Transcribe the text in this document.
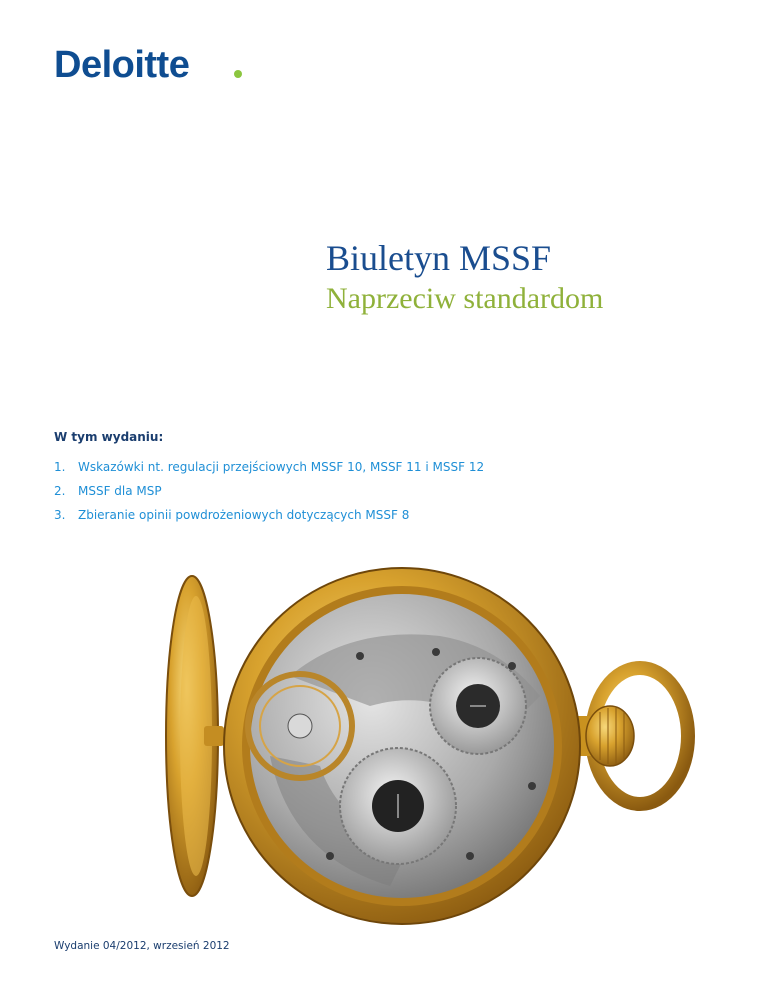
Deloitte
Biuletyn MSSF
Naprzeciw standardom
W tym wydaniu:
1. Wskazówki nt. regulacji przejściowych MSSF 10, MSSF 11 i MSSF 12
2. MSSF dla MSP
3. Zbieranie opinii powdrożeniowych dotyczących MSSF 8
Wydanie 04/2012, wrzesień 2012
